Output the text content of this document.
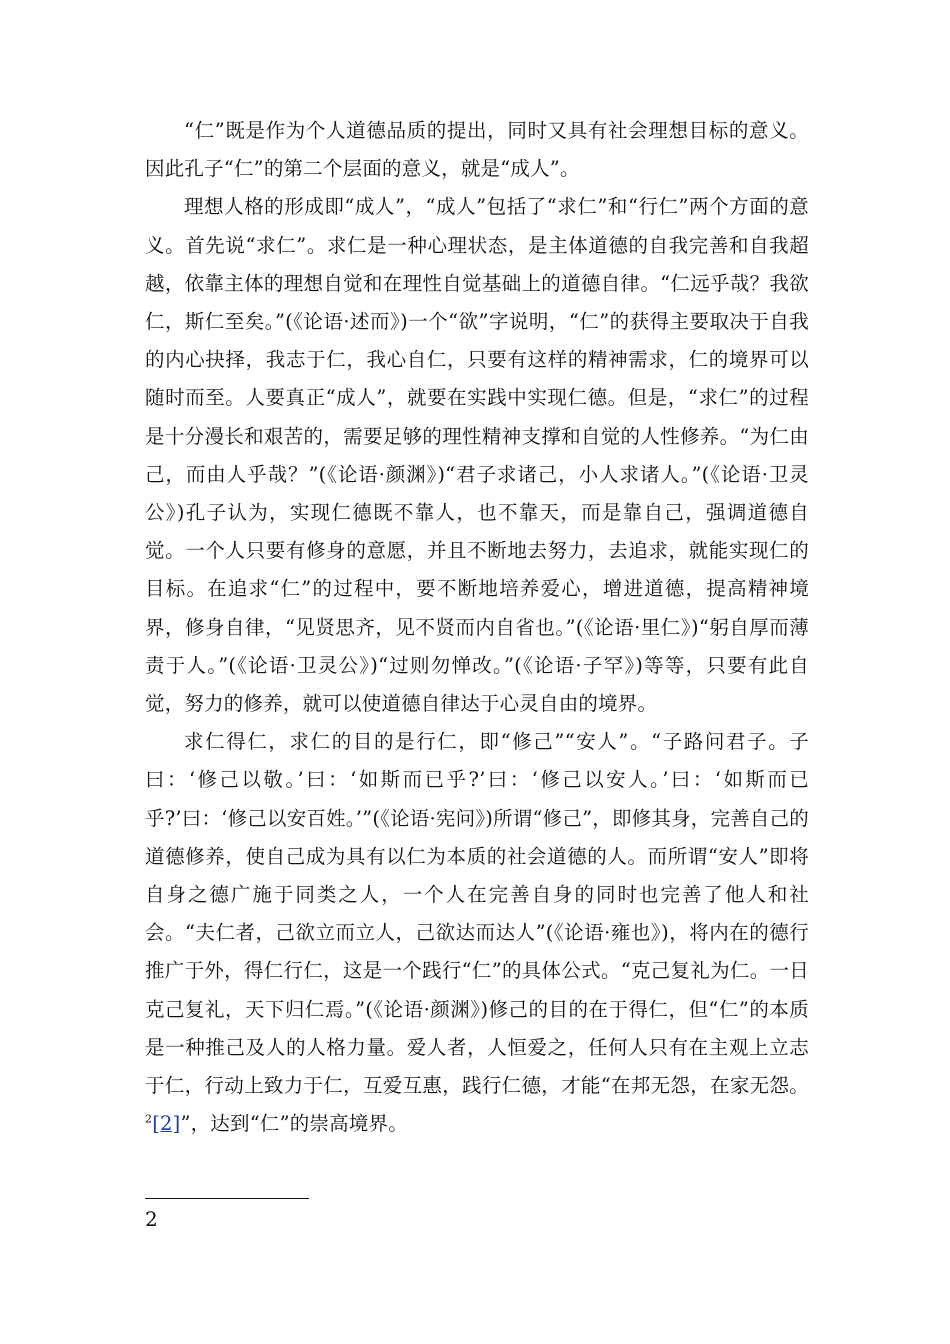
“仁”既是作为个人道德品质的提出，同时又具有社会理想目标的意义。因此孔子“仁”的第二个层面的意义，就是“成人”。

理想人格的形成即“成人”，“成人”包括了“求仁”和“行仁”两个方面的意义。首先说“求仁”。求仁是一种心理状态，是主体道德的自我完善和自我超越，依靠主体的理想自觉和在理性自觉基础上的道德自律。“仁远乎哉？我欲仁，斯仁至矣。”(《论语·述而》)一个“欲”字说明，“仁”的获得主要取决于自我的内心抉择，我志于仁，我心自仁，只要有这样的精神需求，仁的境界可以随时而至。人要真正“成人”，就要在实践中实现仁德。但是，“求仁”的过程是十分漫长和艰苦的，需要足够的理性精神支撑和自觉的人性修养。“为仁由己，而由人乎哉？”(《论语·颜渊》)“君子求诸己，小人求诸人。”(《论语·卫灵公》)孔子认为，实现仁德既不靠人，也不靠天，而是靠自己，强调道德自觉。一个人只要有修身的意愿，并且不断地去努力，去追求，就能实现仁的目标。在追求“仁”的过程中，要不断地培养爱心，增进道德，提高精神境界，修身自律，“见贤思齐，见不贤而内自省也。”(《论语·里仁》)“躬自厚而薄责于人。”(《论语·卫灵公》)“过则勿惮改。”(《论语·子罕》)等等，只要有此自觉，努力的修养，就可以使道德自律达于心灵自由的境界。

求仁得仁，求仁的目的是行仁，即“修己”“安人”。“子路问君子。子曰：‘修己以敬。’曰：‘如斯而已乎?’曰：‘修己以安人。’曰：‘如斯而已乎?’曰：‘修己以安百姓。’”(《论语·宪问》)所谓“修己”，即修其身，完善自己的道德修养，使自己成为具有以仁为本质的社会道德的人。而所谓“安人”即将自身之德广施于同类之人，一个人在完善自身的同时也完善了他人和社会。“夫仁者，己欲立而立人，己欲达而达人”(《论语·雍也》)，将内在的德行推广于外，得仁行仁，这是一个践行“仁”的具体公式。“克己复礼为仁。一日克己复礼，天下归仁焉。”(《论语·颜渊》)修己的目的在于得仁，但“仁”的本质是一种推己及人的人格力量。爱人者，人恒爱之，任何人只有在主观上立志于仁，行动上致力于仁，互爱互惠，践行仁德，才能“在邦无怨，在家无怨。$^2$[2]”，达到“仁”的崇高境界。

2
